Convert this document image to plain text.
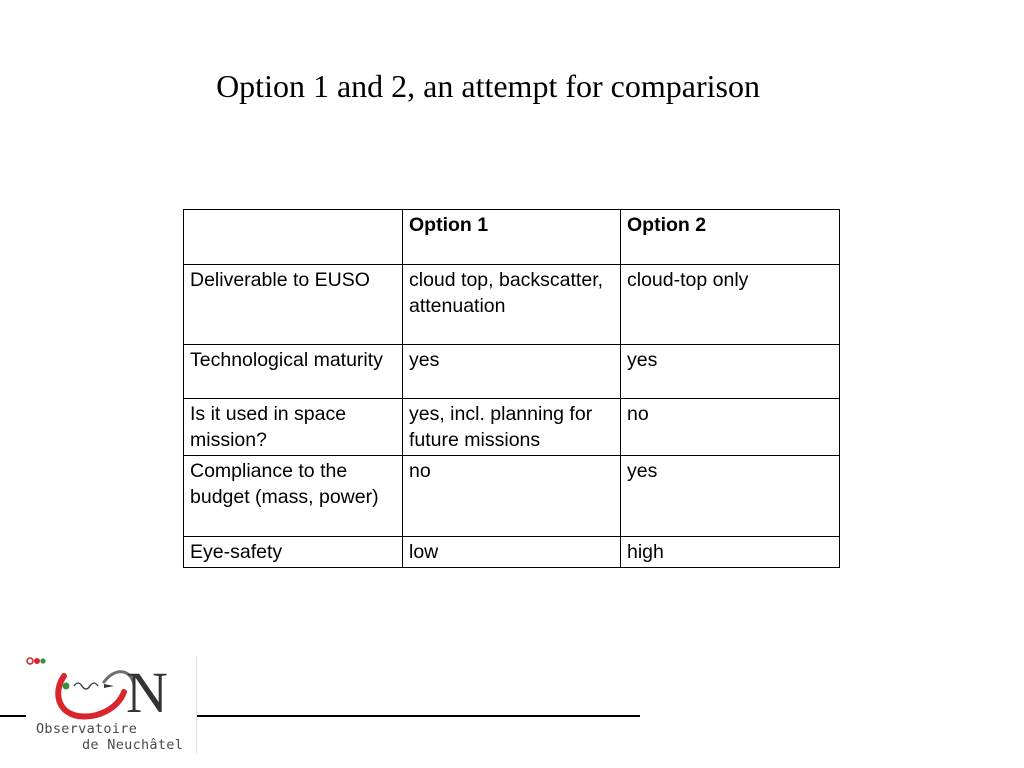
Option 1 and 2, an attempt for comparison
	Option 1	Option 2
Deliverable to EUSO	cloud top, backscatter, attenuation	cloud-top only
Technological maturity	yes	yes
Is it used in space mission?	yes, incl. planning for future missions	no
Compliance to the budget (mass, power)	no	yes
Eye-safety	low	high
N
Observatoire
de Neuchâtel
